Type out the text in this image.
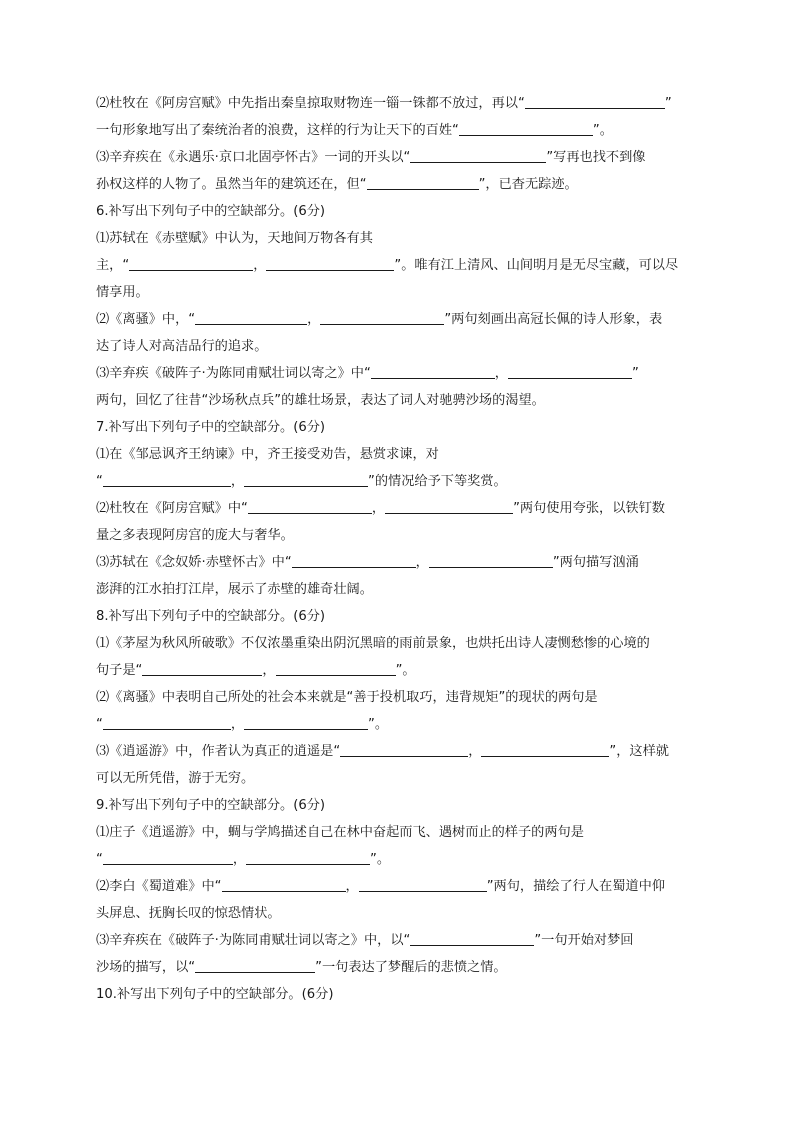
⑵杜牧在《阿房宫赋》中先指出秦皇掠取财物连一锱一铢都不放过，再以“	”
一句形象地写出了秦统治者的浪费，这样的行为让天下的百姓“	”。

⑶辛弃疾在《永遇乐·京口北固亭怀古》一词的开头以“	”写再也找不到像
孙权这样的人物了。虽然当年的建筑还在，但“	”，已杳无踪迹。

6.补写出下列句子中的空缺部分。(6分)

⑴苏轼在《赤壁赋》中认为，天地间万物各有其
主，“	，	”。唯有江上清风、山间明月是无尽宝藏，可以尽
情享用。

⑵《离骚》中，“	，	”两句刻画出高冠长佩的诗人形象，表
达了诗人对高洁品行的追求。

⑶辛弃疾《破阵子·为陈同甫赋壮词以寄之》中“	，	”
两句，回忆了往昔“沙场秋点兵”的雄壮场景，表达了词人对驰骋沙场的渴望。

7.补写出下列句子中的空缺部分。(6分)

⑴在《邹忌讽齐王纳谏》中，齐王接受劝告，悬赏求谏，对
“	，	”的情况给予下等奖赏。

⑵杜牧在《阿房宫赋》中“	，	”两句使用夸张，以铁钉数
量之多表现阿房宫的庞大与奢华。

⑶苏轼在《念奴娇·赤壁怀古》中“	，	”两句描写汹涌
澎湃的江水拍打江岸，展示了赤壁的雄奇壮阔。

8.补写出下列句子中的空缺部分。(6分)

⑴《茅屋为秋风所破歌》不仅浓墨重染出阴沉黑暗的雨前景象，也烘托出诗人凄恻愁惨的心境的
句子是“	，	”。

⑵《离骚》中表明自己所处的社会本来就是“善于投机取巧，违背规矩”的现状的两句是
“	，	”。

⑶《逍遥游》中，作者认为真正的逍遥是“	，	”，这样就
可以无所凭借，游于无穷。

9.补写出下列句子中的空缺部分。(6分)

⑴庄子《逍遥游》中，蜩与学鸠描述自己在林中奋起而飞、遇树而止的样子的两句是
“	，	”。

⑵李白《蜀道难》中“	，	”两句，描绘了行人在蜀道中仰
头屏息、抚胸长叹的惊恐情状。

⑶辛弃疾在《破阵子·为陈同甫赋壮词以寄之》中，以“	”一句开始对梦回
沙场的描写，以“	”一句表达了梦醒后的悲愤之情。

10.补写出下列句子中的空缺部分。(6分)
